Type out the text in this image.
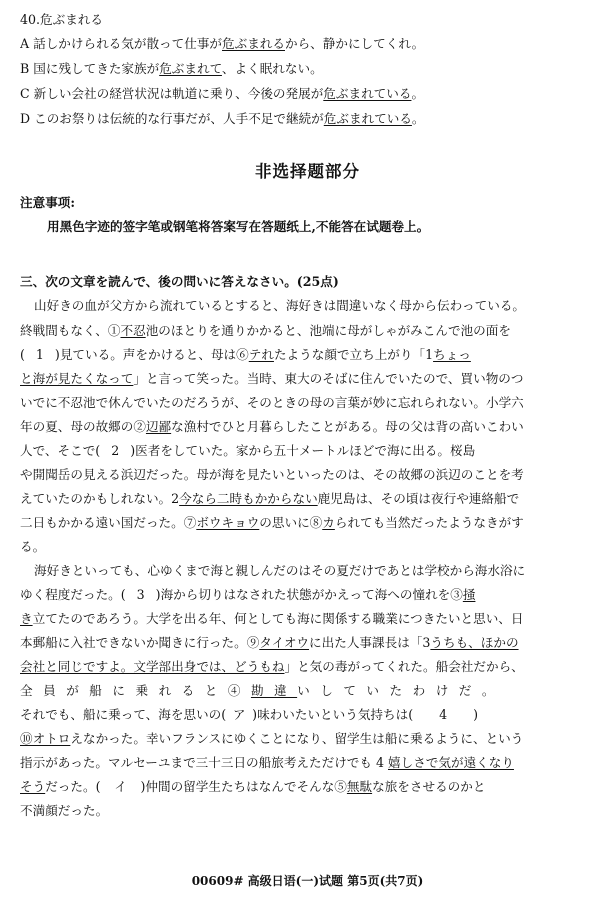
40.危ぶまれる
A 話しかけられる気が散って仕事が危ぶまれるから、静かにしてくれ。
B 国に残してきた家族が危ぶまれて、よく眠れない。
C 新しい会社の経営状況は軌道に乗り、今後の発展が危ぶまれている。
D このお祭りは伝統的な行事だが、人手不足で継続が危ぶまれている。
非选择题部分
注意事项:
用黑色字迹的签字笔或钢笔将答案写在答题纸上,不能答在试题卷上。
三、次の文章を読んで、後の問いに答えなさい。(25点)
山好きの血が父方から流れているとすると、海好きは間違いなく母から伝わっている。
終戦間もなく、①不忍池のほとりを通りかかると、池端に母がしゃがみこんで池の面を
( 1 )見ている。声をかけると、母は⑥テれたような顔で立ち上がり「1ちょっ
と海が見たくなって」と言って笑った。当時、東大のそばに住んでいたので、買い物のつ
いでに不忍池で休んでいたのだろうが、そのときの母の言葉が妙に忘れられない。小学六
年の夏、母の故郷の②辺鄙な漁村でひと月暮らしたことがある。母の父は背の高いこわい
人で、そこで( 2 )医者をしていた。家から五十メートルほどで海に出る。桜島
や開聞岳の見える浜辺だった。母が海を見たいといったのは、その故郷の浜辺のことを考
えていたのかもしれない。2今なら二時もかからない鹿児島は、その頃は夜行や連絡船で
二日もかかる遠い国だった。⑦ボウキョウの思いに⑧カられても当然だったようなきがす
る。
海好きといっても、心ゆくまで海と親しんだのはその夏だけであとは学校から海水浴に
ゆく程度だった。( 3 )海から切りはなされた状態がかえって海への憧れを③掻
き立てたのであろう。大学を出る年、何としても海に関係する職業につきたいと思い、日
本郵船に入社できないか聞きに行った。⑨タイオウに出た人事課長は「3うちも、ほかの
会社と同じですよ。文学部出身では、どうもね」と気の毒がってくれた。船会社だから、
全員が船に乗れると④勘違いしていたわけだ。
それでも、船に乗って、海を思いの( ア )味わいたいという気持ちは( 4 )
⑩オトロえなかった。幸いフランスにゆくことになり、留学生は船に乗るように、という
指示があった。マルセーユまで三十三日の船旅考えただけでも 4 嬉しさで気が遠くなり
そうだった。( イ )仲間の留学生たちはなんでそんな⑤無駄な旅をさせるのかと
不満顔だった。
00609# 高级日语(一)试题 第5页(共7页)
